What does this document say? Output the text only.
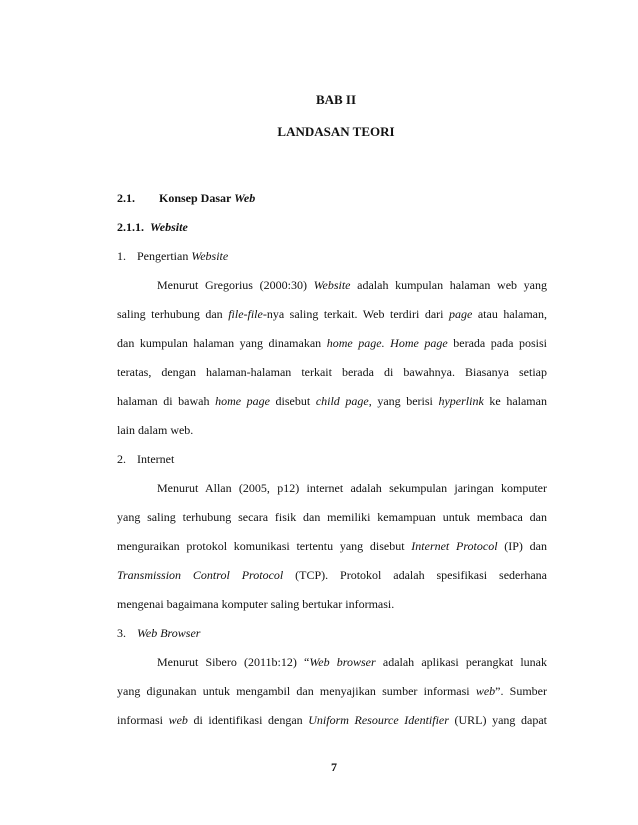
BAB II
LANDASAN TEORI
2.1. Konsep Dasar Web
2.1.1. Website
1. Pengertian Website
Menurut Gregorius (2000:30) Website adalah kumpulan halaman web yang
saling terhubung dan file-file-nya saling terkait. Web terdiri dari page atau halaman,
dan kumpulan halaman yang dinamakan home page. Home page berada pada posisi
teratas, dengan halaman-halaman terkait berada di bawahnya. Biasanya setiap
halaman di bawah home page disebut child page, yang berisi hyperlink ke halaman
lain dalam web.
2. Internet
Menurut Allan (2005, p12) internet adalah sekumpulan jaringan komputer
yang saling terhubung secara fisik dan memiliki kemampuan untuk membaca dan
menguraikan protokol komunikasi tertentu yang disebut Internet Protocol (IP) dan
Transmission Control Protocol (TCP). Protokol adalah spesifikasi sederhana
mengenai bagaimana komputer saling bertukar informasi.
3. Web Browser
Menurut Sibero (2011b:12) “Web browser adalah aplikasi perangkat lunak
yang digunakan untuk mengambil dan menyajikan sumber informasi web”. Sumber
informasi web di identifikasi dengan Uniform Resource Identifier (URL) yang dapat
7
